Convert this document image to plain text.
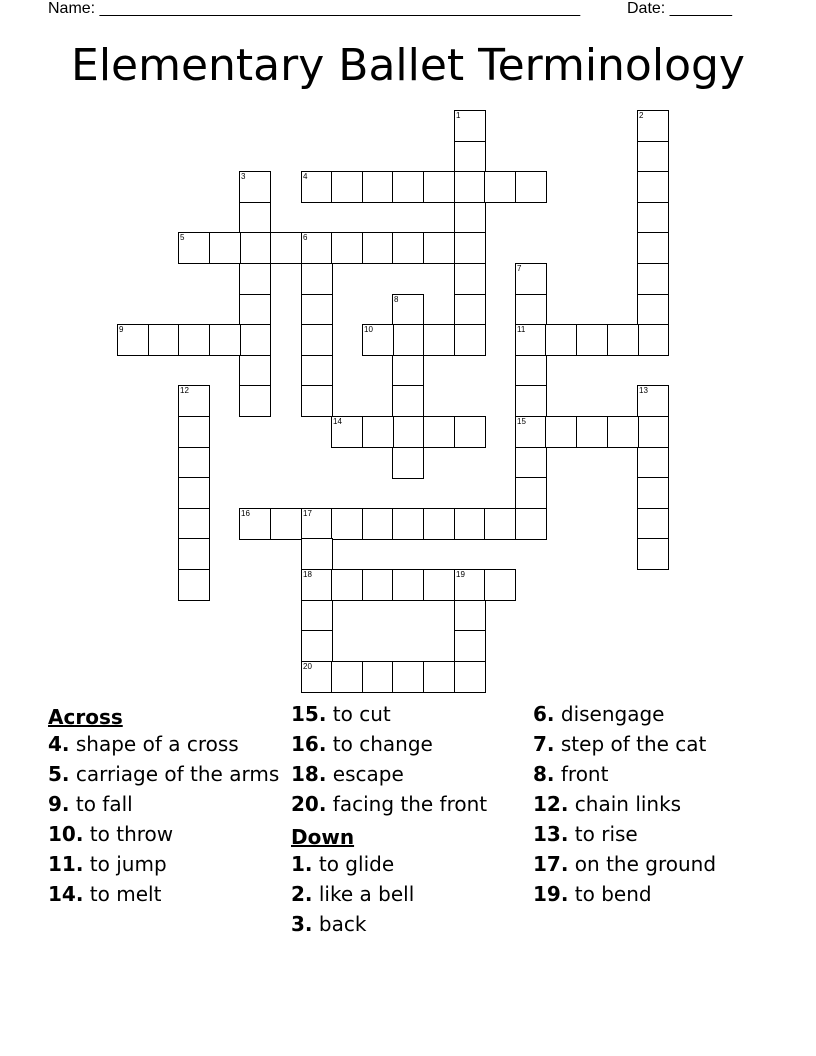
Name: ______________________________________________________	Date: _______
Elementary Ballet Terminology
1	2
3	4
5	6
7
11
15
8
9	10
12	13
14
16	17
18
20
19
Across
4. shape of a cross
5. carriage of the arms
9. to fall
10. to throw
11. to jump
14. to melt
15. to cut
16. to change
18. escape
20. facing the front
Down
1. to glide
2. like a bell
3. back
6. disengage
7. step of the cat
8. front
12. chain links
13. to rise
17. on the ground
19. to bend
